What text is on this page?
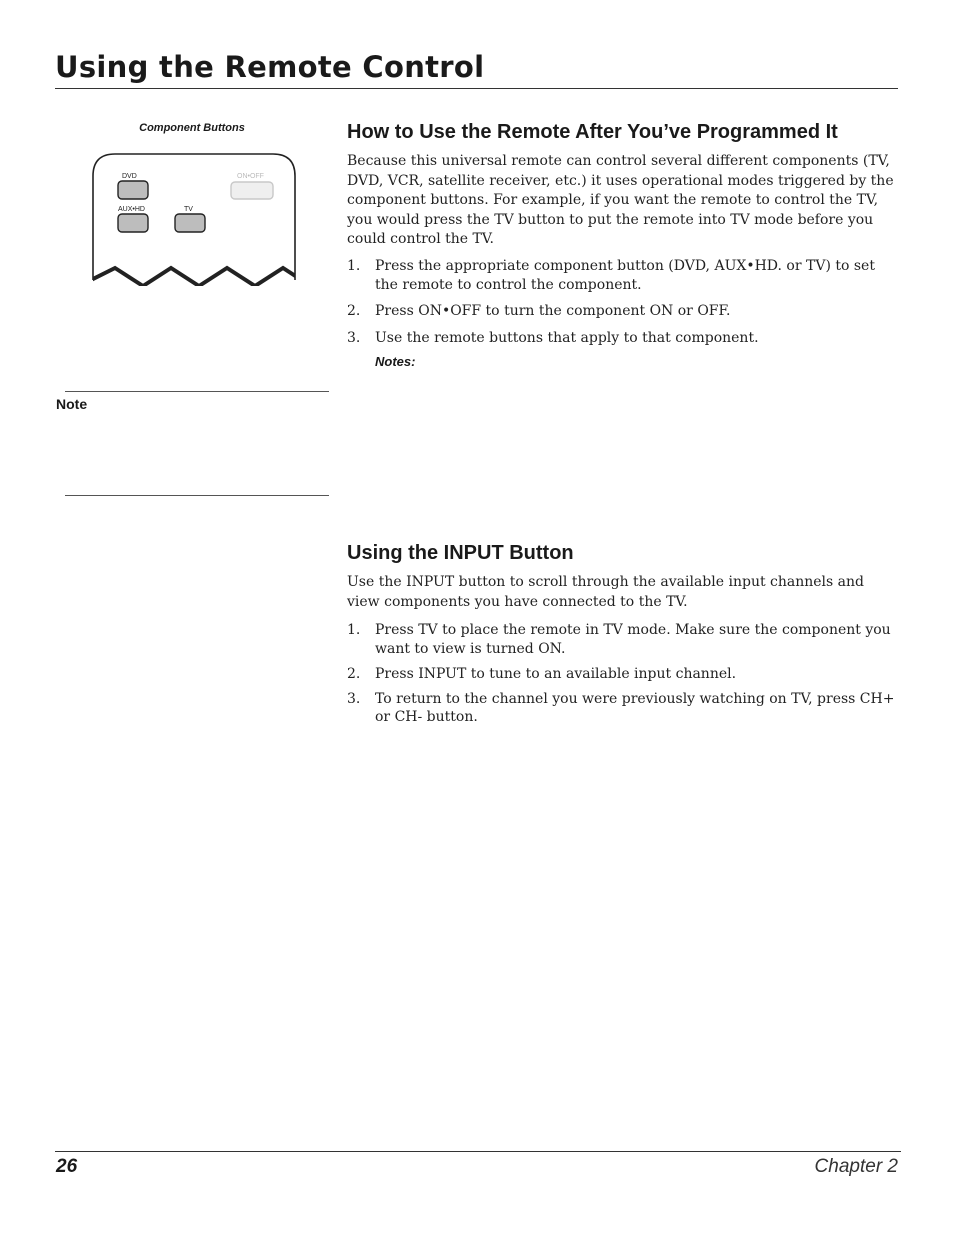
Using the Remote Control
Component Buttons
DVD	ON•OFF
AUX•HD	TV
Note
How to Use the Remote After You’ve Programmed It

Because this universal remote can control several different components (TV, DVD, VCR, satellite receiver, etc.) it uses operational modes triggered by the component buttons. For example, if you want the remote to control the TV, you would press the TV button to put the remote into TV mode before you could control the TV.

1. Press the appropriate component button (DVD, AUX•HD. or TV) to set the remote to control the component.
2. Press ON•OFF to turn the component ON or OFF.
3. Use the remote buttons that apply to that component.
Notes:
Using the INPUT Button

Use the INPUT button to scroll through the available input channels and view components you have connected to the TV.

1. Press TV to place the remote in TV mode. Make sure the component you want to view is turned ON.
2. Press INPUT to tune to an available input channel.
3. To return to the channel you were previously watching on TV, press CH+ or CH- button.
26	Chapter 2
